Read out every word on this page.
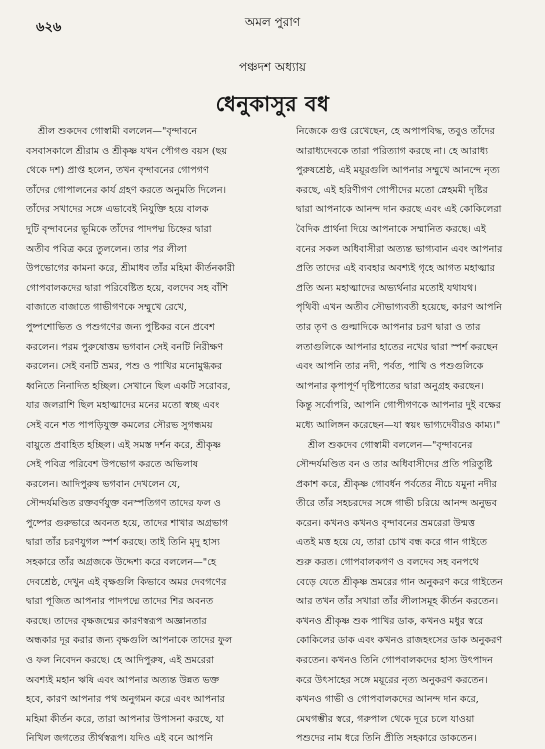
৬২৬	অমল পুরাণ
পঞ্চদশ অধ্যায়
ধেনুকাসুর বধ

শ্রীল শুকদেব গোস্বামী বললেন—"বৃন্দাবনে

বসবাসকালে শ্রীরাম ও শ্রীকৃষ্ণ যখন পৌগণ্ড বয়স (ছয়

থেকে দশ) প্রাপ্ত হলেন, তখন বৃন্দাবনের গোপগণ

তাঁদের গোপালনের কার্য গ্রহণ করতে অনুমতি দিলেন।

তাঁদের সখাদের সঙ্গে এভাবেই নিযুক্তি হয়ে বালক

দুটি বৃন্দাবনের ভূমিকে তাঁদের পাদপদ্ম চিহ্নের দ্বারা

অতীব পবিত্র করে তুললেন। তার পর লীলা

উপভোগের কামনা করে, শ্রীমাধব তাঁর মহিমা কীর্তনকারী

গোপবালকদের দ্বারা পরিবেষ্টিত হয়ে, বলদেব সহ বাঁশি

বাজাতে বাজাতে গাভীগণকে সম্মুখে রেখে,

পুষ্পশোভিত ও পশুগণের জন্য পুষ্টিকর বনে প্রবেশ

করলেন। পরম পুরুষোত্তম ভগবান সেই বনটি নিরীক্ষণ

করলেন। সেই বনটি ভ্রমর, পশু ও পাখির মনোমুগ্ধকর

ধ্বনিতে নিনাদিত হচ্ছিল। সেখানে ছিল একটি সরোবর,

যার জলরাশি ছিল মহাত্মাদের মনের মতো স্বচ্ছ এবং

সেই বনে শত পাপড়িযুক্ত কমলের সৌরভ সুগন্ধময়

বায়ুতে প্রবাহিত হচ্ছিল। এই সমস্ত দর্শন করে, শ্রীকৃষ্ণ

সেই পবিত্র পরিবেশ উপভোগ করতে অভিলাষ

করলেন। আদিপুরুষ ভগবান দেখলেন যে,

সৌন্দর্যমণ্ডিত রক্তবর্ণযুক্ত বনস্পতিগণ তাদের ফল ও

পুষ্পের গুরুভারে অবনত হয়ে, তাদের শাখার অগ্রভাগ

দ্বারা তাঁর চরণযুগল স্পর্শ করছে। তাই তিনি মৃদু হাস্য

সহকারে তাঁর অগ্রজকে উদ্দেশ্য করে বললেন—"হে

দেবশ্রেষ্ঠ, দেখুন এই বৃক্ষগুলি কিভাবে অমর দেবগণের

দ্বারা পূজিত আপনার পাদপদ্মে তাদের শির অবনত

করছে। তাদের বৃক্ষজন্মের কারণস্বরূপ অজ্ঞানতার

অন্ধকার দূর করার জন্য বৃক্ষগুলি আপনাকে তাদের ফুল

ও ফল নিবেদন করছে। হে আদিপুরুষ, এই ভ্রমরেরা

অবশ্যই মহান ঋষি এবং আপনার অত্যন্ত উন্নত ভক্ত

হবে, কারণ আপনার পথ অনুগমন করে এবং আপনার

মহিমা কীর্তন করে, তারা আপনার উপাসনা করছে, যা

নিখিল জগতের তীর্থস্বরূপ। যদিও এই বনে আপনি

নিজেকে গুপ্ত রেখেছেন, হে অপাপবিদ্ধ, তবুও তাঁদের

আরাধ্যদেবকে তারা পরিত্যাগ করছে না। হে আরাধ্য

পুরুষশ্রেষ্ঠ, এই ময়ূরগুলি আপনার সম্মুখে আনন্দে নৃত্য

করছে, এই হরিণীগণ গোপীদের মতো স্নেহমমী দৃষ্টির

দ্বারা আপনাকে আনন্দ দান করছে এবং এই কোকিলেরা

বৈদিক প্রার্থনা দিয়ে আপনাকে সম্মানিত করছে। এই

বনের সকল অধিবাসীরা অত্যন্ত ভাগ্যবান এবং আপনার

প্রতি তাদের এই ব্যবহার অবশ্যই গৃহে আগত মহাত্মার

প্রতি অন্য মহাত্মাদের অভ্যর্থনার মতোই যথাযথ।

পৃথিবী এখন অতীব সৌভাগ্যবতী হয়েছে, কারণ আপনি

তার তৃণ ও গুল্মাদিকে আপনার চরণ দ্বারা ও তার

লতাগুলিকে আপনার হাতের নখের দ্বারা স্পর্শ করছেন

এবং আপনি তার নদী, পর্বত, পাখি ও পশুগুলিকে

আপনার কৃপাপূর্ণ দৃষ্টিপাতের দ্বারা অনুগ্রহ করছেন।

কিন্তু সর্বোপরি, আপনি গোপীগণকে আপনার দুই বক্ষের

মধ্যে আলিঙ্গন করেছেন—যা স্বয়ং ভাগ্যদেবীরও কাম্য।"

শ্রীল শুকদেব গোস্বামী বললেন—"বৃন্দাবনের

সৌন্দর্যমণ্ডিত বন ও তার অধিবাসীদের প্রতি পরিতুষ্টি

প্রকাশ করে, শ্রীকৃষ্ণ গোবর্ধন পর্বতের নীচে যমুনা নদীর

তীরে তাঁর সহচরদের সঙ্গে গাভী চরিয়ে আনন্দ অনুভব

করেন। কখনও কখনও বৃন্দাবনের ভ্রমরেরা উন্মত্ত

এতই মত্ত হয়ে যে, তারা চোখ বন্ধ করে গান গাইতে

শুরু করত। গোপবালকগণ ও বলদেব সহ বনপথে

বেড়ে যেতে শ্রীকৃষ্ণ ভ্রমরের গান অনুকরণ করে গাইতেন

আর তখন তাঁর সখারা তাঁর লীলাসমূহ কীর্তন করতেন।

কখনও শ্রীকৃষ্ণ শুক পাখির ডাক, কখনও মধুর স্বরে

কোকিলের ডাক এবং কখনও রাজহংসের ডাক অনুকরণ

করতেন। কখনও তিনি গোপবালকদের হাস্য উৎপাদন

করে উৎসাহের সঙ্গে ময়ূরের নৃত্য অনুকরণ করতেন।

কখনও গাভী ও গোপবালকদের আনন্দ দান করে,

মেঘগম্ভীর স্বরে, গরুপাল থেকে দূরে চলে যাওয়া

পশুদের নাম ধরে তিনি প্রীতি সহকারে ডাকতেন।
